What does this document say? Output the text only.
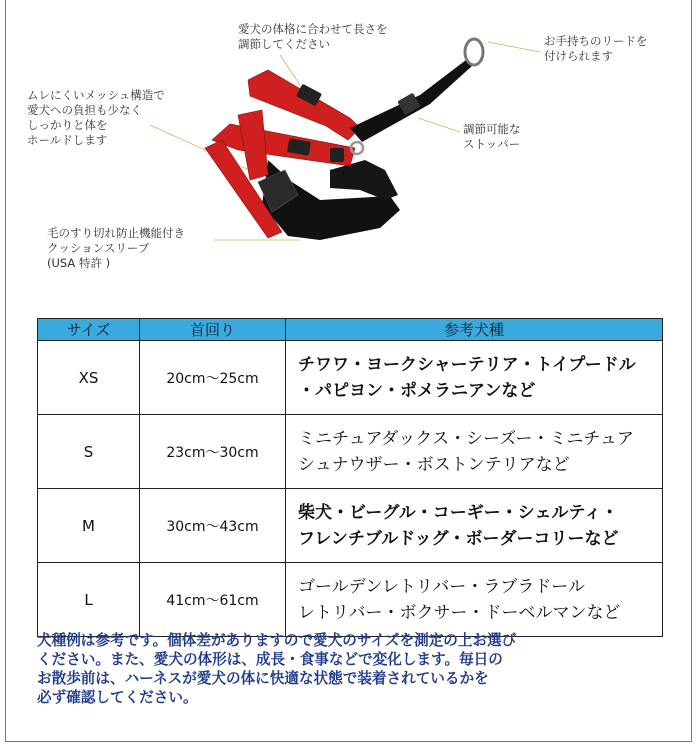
愛犬の体格に合わせて長さを
調節してください	お手持ちのリードを
付けられます
ムレにくいメッシュ構造で
愛犬への負担も少なく
しっかりと体を
ホールドします
調節可能な
ストッパー
毛のすり切れ防止機能付き
クッションスリーブ
(USA 特許 )
サイズ	首回り	参考犬種
XS	20cm〜25cm	チワワ・ヨークシャーテリア・トイプードル
・パピヨン・ポメラニアンなど

S	23cm〜30cm	ミニチュアダックス・シーズー・ミニチュア
シュナウザー・ボストンテリアなど

M	30cm〜43cm	柴犬・ビーグル・コーギー・シェルティ・
フレンチブルドッグ・ボーダーコリーなど

L	41cm〜61cm	ゴールデンレトリバー・ラブラドール
レトリバー・ボクサー・ドーベルマンなど
犬種例は参考です。個体差がありますので愛犬のサイズを測定の上お選び
ください。また、愛犬の体形は、成長・食事などで変化します。毎日の
お散歩前は、ハーネスが愛犬の体に快適な状態で装着されているかを
必ず確認してください。
